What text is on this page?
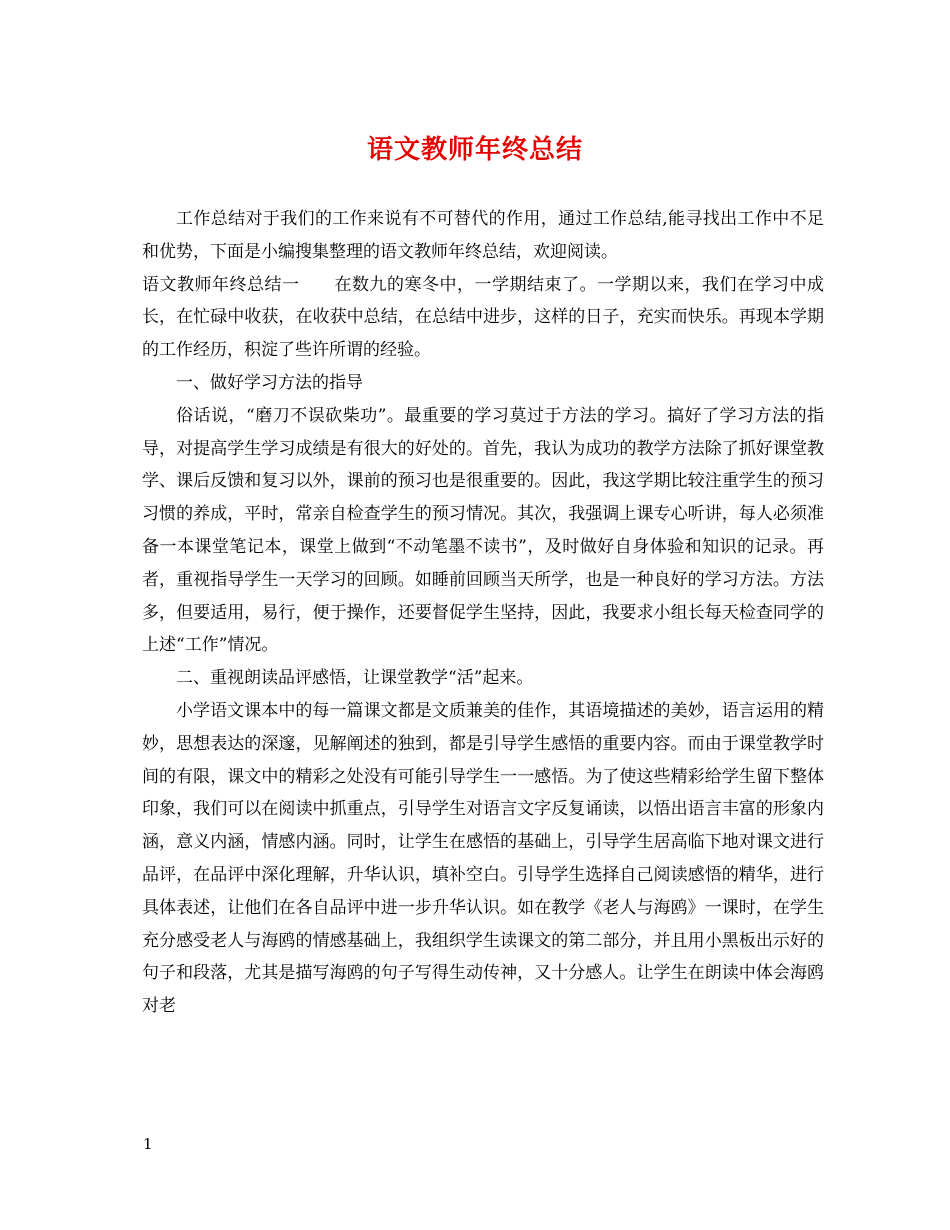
语文教师年终总结

工作总结对于我们的工作来说有不可替代的作用，通过工作总结,能寻找出工作中不足和优势，下面是小编搜集整理的语文教师年终总结，欢迎阅读。

语文教师年终总结一　　在数九的寒冬中，一学期结束了。一学期以来，我们在学习中成长，在忙碌中收获，在收获中总结，在总结中进步，这样的日子，充实而快乐。再现本学期的工作经历，积淀了些许所谓的经验。

一、做好学习方法的指导

俗话说，“磨刀不误砍柴功”。最重要的学习莫过于方法的学习。搞好了学习方法的指导，对提高学生学习成绩是有很大的好处的。首先，我认为成功的教学方法除了抓好课堂教学、课后反馈和复习以外，课前的预习也是很重要的。因此，我这学期比较注重学生的预习习惯的养成，平时，常亲自检查学生的预习情况。其次，我强调上课专心听讲，每人必须准备一本课堂笔记本，课堂上做到“不动笔墨不读书”，及时做好自身体验和知识的记录。再者，重视指导学生一天学习的回顾。如睡前回顾当天所学，也是一种良好的学习方法。方法多，但要适用，易行，便于操作，还要督促学生坚持，因此，我要求小组长每天检查同学的上述“工作”情况。

二、重视朗读品评感悟，让课堂教学“活”起来。

小学语文课本中的每一篇课文都是文质兼美的佳作，其语境描述的美妙，语言运用的精妙，思想表达的深邃，见解阐述的独到，都是引导学生感悟的重要内容。而由于课堂教学时间的有限，课文中的精彩之处没有可能引导学生一一感悟。为了使这些精彩给学生留下整体印象，我们可以在阅读中抓重点，引导学生对语言文字反复诵读，以悟出语言丰富的形象内涵，意义内涵，情感内涵。同时，让学生在感悟的基础上，引导学生居高临下地对课文进行品评，在品评中深化理解，升华认识，填补空白。引导学生选择自己阅读感悟的精华，进行具体表述，让他们在各自品评中进一步升华认识。如在教学《老人与海鸥》一课时，在学生充分感受老人与海鸥的情感基础上，我组织学生读课文的第二部分，并且用小黑板出示好的句子和段落，尤其是描写海鸥的句子写得生动传神，又十分感人。让学生在朗读中体会海鸥对老

1
